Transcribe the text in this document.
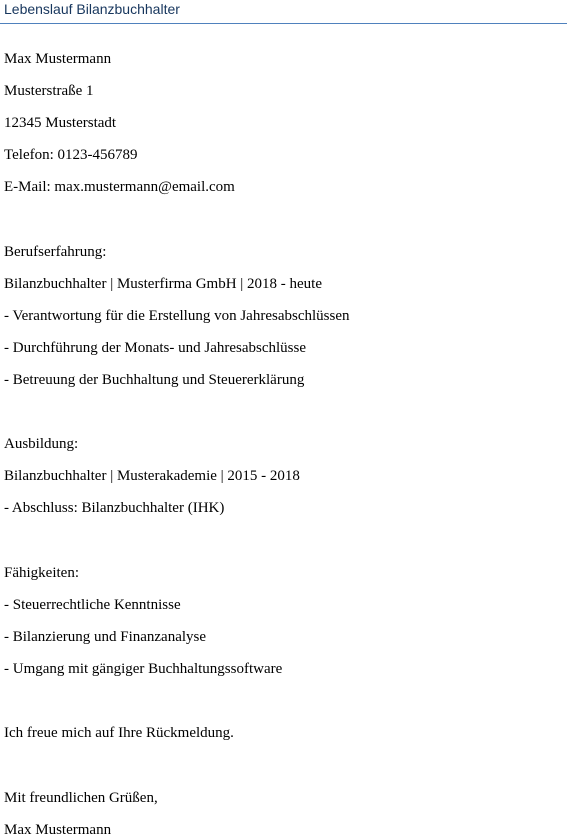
Lebenslauf Bilanzbuchhalter
Max Mustermann
Musterstraße 1
12345 Musterstadt
Telefon: 0123-456789
E-Mail: max.mustermann@email.com
Berufserfahrung:
Bilanzbuchhalter | Musterfirma GmbH | 2018 - heute
- Verantwortung für die Erstellung von Jahresabschlüssen
- Durchführung der Monats- und Jahresabschlüsse
- Betreuung der Buchhaltung und Steuererklärung
Ausbildung:
Bilanzbuchhalter | Musterakademie | 2015 - 2018
- Abschluss: Bilanzbuchhalter (IHK)
Fähigkeiten:
- Steuerrechtliche Kenntnisse
- Bilanzierung und Finanzanalyse
- Umgang mit gängiger Buchhaltungssoftware
Ich freue mich auf Ihre Rückmeldung.
Mit freundlichen Grüßen,
Max Mustermann
